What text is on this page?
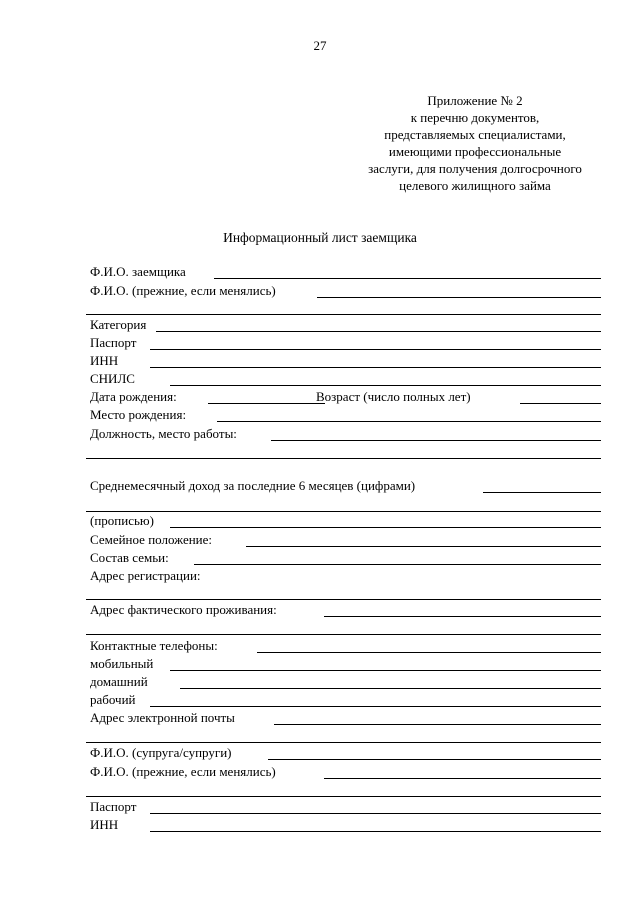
27
Приложение № 2
к перечню документов,
представляемых специалистами,
имеющими профессиональные
заслуги, для получения долгосрочного
целевого жилищного займа
Информационный лист заемщика
Ф.И.О. заемщика
Ф.И.О. (прежние, если менялись)
Категория
Паспорт
ИНН
СНИЛС
Дата рождения:	Возраст (число полных лет)
Место рождения:
Должность, место работы:
Среднемесячный доход за последние 6 месяцев (цифрами)
(прописью)
Семейное положение:
Состав семьи:
Адрес регистрации:
Адрес фактического проживания:
Контактные телефоны:
мобильный
домашний
рабочий
Адрес электронной почты
Ф.И.О. (супруга/супруги)
Ф.И.О. (прежние, если менялись)
Паспорт
ИНН
